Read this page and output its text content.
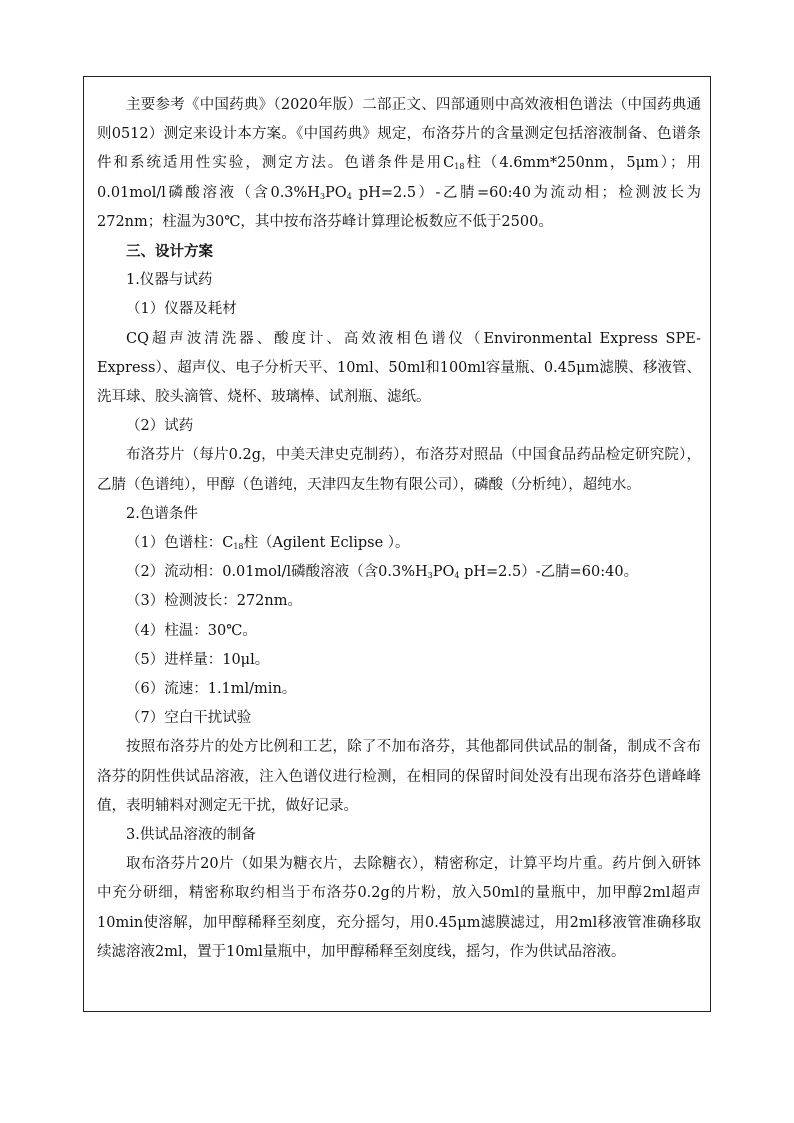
主要参考《中国药典》（2020年版）二部正文、四部通则中高效液相色谱法（中国药典通则0512）测定来设计本方案。《中国药典》规定，布洛芬片的含量测定包括溶液制备、色谱条件和系统适用性实验，测定方法。色谱条件是用$C_{18}$柱（4.6mm*250nm，5μm）；用0.01mol/l磷酸溶液（含$0.3\%H_3PO_4$ pH=2.5）-乙腈=60:40为流动相；检测波长为272nm；柱温为30℃，其中按布洛芬峰计算理论板数应不低于2500。

三、设计方案

1.仪器与试药

（1）仪器及耗材

CQ超声波清洗器、酸度计、高效液相色谱仪（Environmental Express SPE-Express）、超声仪、电子分析天平、10ml、50ml和100ml容量瓶、0.45μm滤膜、移液管、洗耳球、胶头滴管、烧杯、玻璃棒、试剂瓶、滤纸。

（2）试药

布洛芬片（每片0.2g，中美天津史克制药），布洛芬对照品（中国食品药品检定研究院），乙腈（色谱纯），甲醇（色谱纯，天津四友生物有限公司），磷酸（分析纯），超纯水。

2.色谱条件

（1）色谱柱：$C_{18}$柱（Agilent Eclipse ）。

（2）流动相：0.01mol/l磷酸溶液（含$0.3\%H_3PO_4$ pH=2.5）-乙腈=60:40。

（3）检测波长：272nm。

（4）柱温：30℃。

（5）进样量：10μl。

（6）流速：1.1ml/min。

（7）空白干扰试验

按照布洛芬片的处方比例和工艺，除了不加布洛芬，其他都同供试品的制备，制成不含布洛芬的阴性供试品溶液，注入色谱仪进行检测，在相同的保留时间处没有出现布洛芬色谱峰峰值，表明辅料对测定无干扰，做好记录。

3.供试品溶液的制备

取布洛芬片20片（如果为糖衣片，去除糖衣），精密称定，计算平均片重。药片倒入研钵中充分研细，精密称取约相当于布洛芬0.2g的片粉，放入50ml的量瓶中，加甲醇2ml超声10min使溶解，加甲醇稀释至刻度，充分摇匀，用0.45μm滤膜滤过，用2ml移液管准确移取续滤溶液2ml，置于10ml量瓶中，加甲醇稀释至刻度线，摇匀，作为供试品溶液。
